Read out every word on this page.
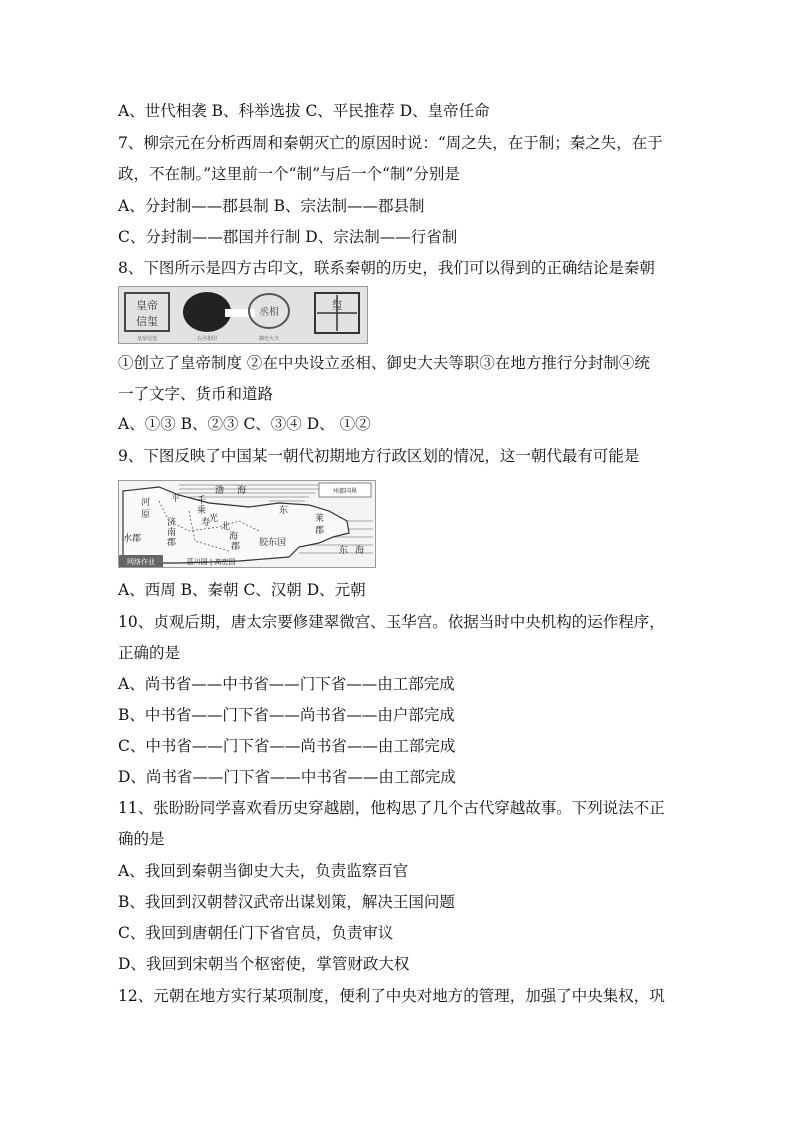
A、世代相袭 B、科举选拔 C、平民推荐 D、皇帝任命
7、柳宗元在分析西周和秦朝灭亡的原因时说：“周之失，在于制；秦之失，在于
政，不在制。”这里前一个“制”与后一个“制”分别是
A、分封制——郡县制 B、宗法制——郡县制
C、分封制——郡国并行制 D、宗法制——行省制
8、下图所示是四方古印文，联系秦朝的历史，我们可以得到的正确结论是秦朝
皇帝
信玺
皇帝信玺	右丞相印
丞相
御史大夫
玺
①创立了皇帝制度 ②在中央设立丞相、御史大夫等职③在地方推行分封制④统
一了文字、货币和道路
A、①③ B、②③ C、③④ D、 ①②
9、下图反映了中国某一朝代初期地方行政区划的情况，这一朝代最有可能是
河
原
平 千
乘
渤 海
东
莱
郡
济
南
郡
寿
光
北
海
郡 胶东国
水郡
东 海
州郡国界
网络作业	菑川国 | 高密国
A、西周 B、秦朝 C、汉朝 D、元朝
10、贞观后期，唐太宗要修建翠微宫、玉华宫。依据当时中央机构的运作程序，
正确的是
A、尚书省——中书省——门下省——由工部完成
B、中书省——门下省——尚书省——由户部完成
C、中书省——门下省——尚书省——由工部完成
D、尚书省——门下省——中书省——由工部完成
11、张盼盼同学喜欢看历史穿越剧，他构思了几个古代穿越故事。下列说法不正
确的是
A、我回到秦朝当御史大夫，负责监察百官
B、我回到汉朝替汉武帝出谋划策，解决王国问题
C、我回到唐朝任门下省官员，负责审议
D、我回到宋朝当个枢密使，掌管财政大权
12、元朝在地方实行某项制度，便利了中央对地方的管理，加强了中央集权，巩
